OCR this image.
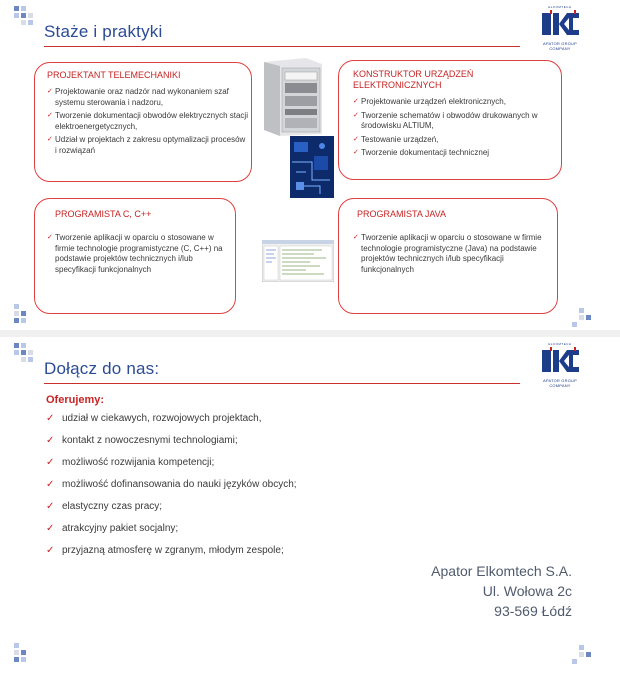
Staże i praktyki
ELKOMTECH
APATOR GROUP COMPANY
PROJEKTANT TELEMECHANIKI
✓ Projektowanie oraz nadzór nad wykonaniem szaf systemu sterowania i nadzoru,
✓ Tworzenie dokumentacji obwodów elektrycznych stacji elektroenergetycznych,
✓ Udział w projektach z zakresu optymalizacji procesów i rozwiązań
KONSTRUKTOR URZĄDZEŃ ELEKTRONICZNYCH
✓ Projektowanie urządzeń elektronicznych,
✓ Tworzenie schematów i obwodów drukowanych w środowisku ALTIUM,
✓ Testowanie urządzeń,
✓ Tworzenie dokumentacji technicznej
PROGRAMISTA C, C++
✓ Tworzenie aplikacji w oparciu o stosowane w firmie technologie programistyczne (C, C++) na podstawie projektów technicznych i/lub specyfikacji funkcjonalnych
PROGRAMISTA JAVA
✓ Tworzenie aplikacji w oparciu o stosowane w firmie technologie programistyczne (Java) na podstawie projektów technicznych i/lub specyfikacji funkcjonalnych
Dołącz do nas:
ELKOMTECH
APATOR GROUP COMPANY
Oferujemy:
✓ udział w ciekawych, rozwojowych projektach,
✓ kontakt z nowoczesnymi technologiami;
✓ możliwość rozwijania kompetencji;
✓ możliwość dofinansowania do nauki języków obcych;
✓ elastyczny czas pracy;
✓ atrakcyjny pakiet socjalny;
✓ przyjazną atmosferę w zgranym, młodym zespole;
Apator Elkomtech S.A.
Ul. Wołowa 2c
93-569 Łódź
